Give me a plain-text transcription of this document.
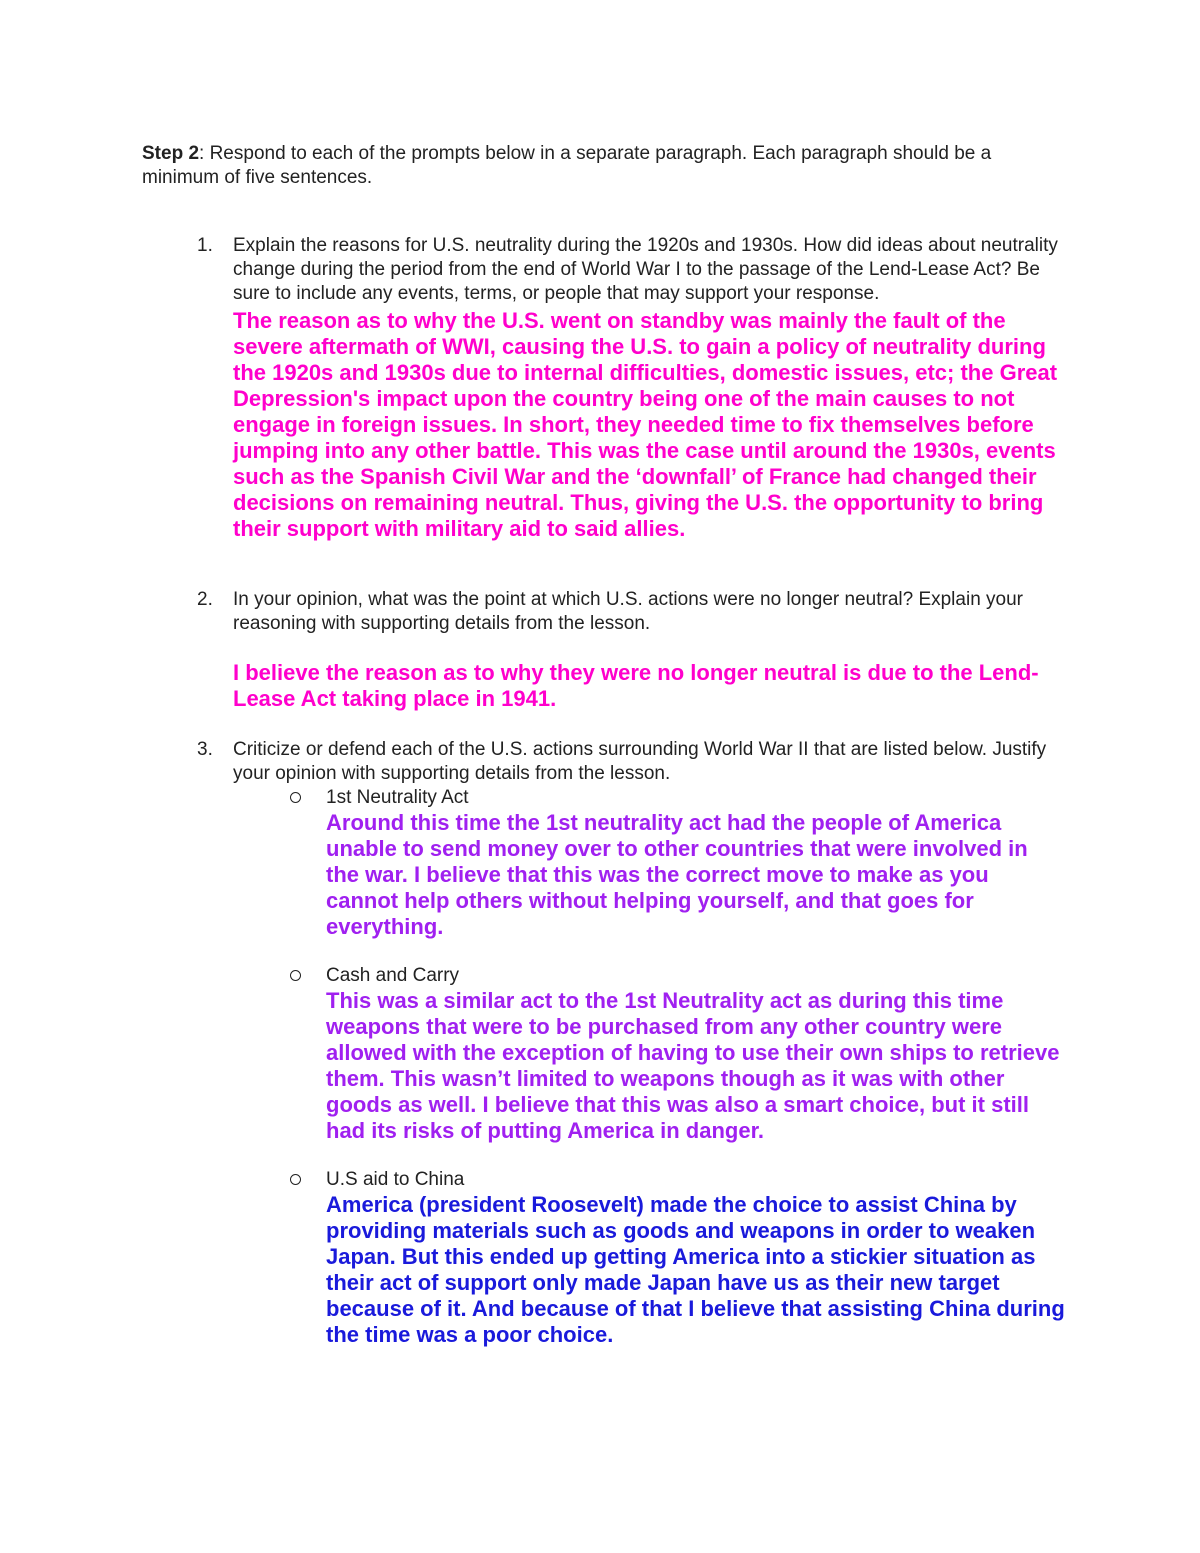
Step 2: Respond to each of the prompts below in a separate paragraph. Each paragraph should be a minimum of five sentences.

1. Explain the reasons for U.S. neutrality during the 1920s and 1930s. How did ideas about neutrality change during the period from the end of World War I to the passage of the Lend-Lease Act? Be sure to include any events, terms, or people that may support your response.

The reason as to why the U.S. went on standby was mainly the fault of the severe aftermath of WWI, causing the U.S. to gain a policy of neutrality during the 1920s and 1930s due to internal difficulties, domestic issues, etc; the Great Depression's impact upon the country being one of the main causes to not engage in foreign issues. In short, they needed time to fix themselves before jumping into any other battle. This was the case until around the 1930s, events such as the Spanish Civil War and the ‘downfall’ of France had changed their decisions on remaining neutral. Thus, giving the U.S. the opportunity to bring their support with military aid to said allies.

2. In your opinion, what was the point at which U.S. actions were no longer neutral? Explain your reasoning with supporting details from the lesson.

I believe the reason as to why they were no longer neutral is due to the Lend-Lease Act taking place in 1941.

3. Criticize or defend each of the U.S. actions surrounding World War II that are listed below. Justify your opinion with supporting details from the lesson.

1st Neutrality Act

Around this time the 1st neutrality act had the people of America unable to send money over to other countries that were involved in the war. I believe that this was the correct move to make as you cannot help others without helping yourself, and that goes for everything.

Cash and Carry

This was a similar act to the 1st Neutrality act as during this time weapons that were to be purchased from any other country were allowed with the exception of having to use their own ships to retrieve them. This wasn’t limited to weapons though as it was with other goods as well. I believe that this was also a smart choice, but it still had its risks of putting America in danger.

U.S aid to China

America (president Roosevelt) made the choice to assist China by providing materials such as goods and weapons in order to weaken Japan. But this ended up getting America into a stickier situation as their act of support only made Japan have us as their new target because of it. And because of that I believe that assisting China during the time was a poor choice.
